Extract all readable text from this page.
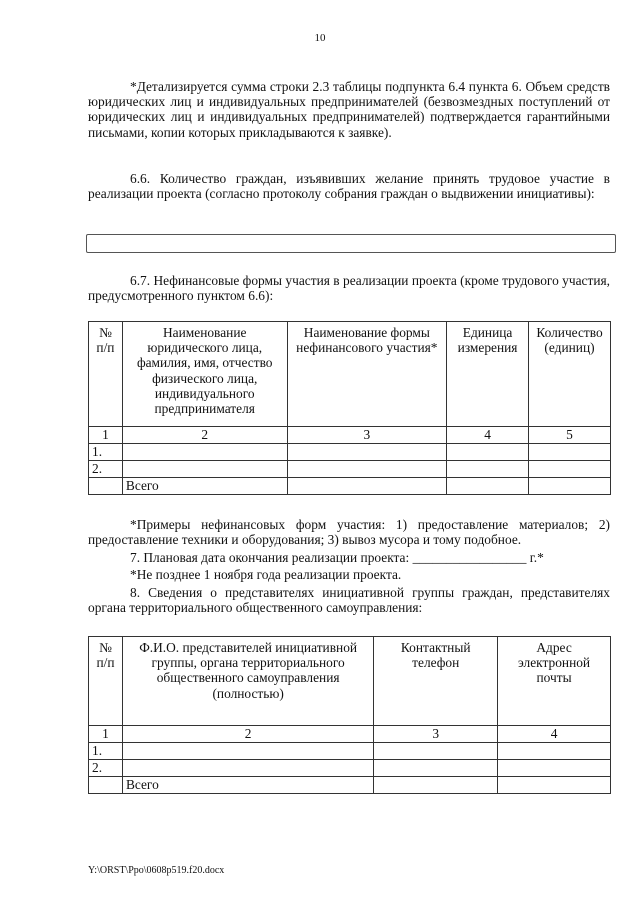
10

*Детализируется сумма строки 2.3 таблицы подпункта 6.4 пункта 6. Объем средств юридических лиц и индивидуальных предпринимателей (безвозмездных поступлений от юридических лиц и индивидуальных предпринимателей) подтверждается гарантийными письмами, копии которых прикладываются к заявке).

6.6. Количество граждан, изъявивших желание принять трудовое участие в реализации проекта (согласно протоколу собрания граждан о выдвижении инициативы):

6.7. Нефинансовые формы участия в реализации проекта (кроме трудового участия, предусмотренного пунктом 6.6):

№ п/п	Наименование юридического лица, фамилия, имя, отчество физического лица, индивидуального предпринимателя	Наименование формы нефинансового участия*	Единица измерения	Количество (единиц)
1	2	3	4	5
1.				
2.				
	Всего			

*Примеры нефинансовых форм участия: 1) предоставление материалов; 2) предоставление техники и оборудования; 3) вывоз мусора и тому подобное.

7. Плановая дата окончания реализации проекта: _________________ г.*

*Не позднее 1 ноября года реализации проекта.

8. Сведения о представителях инициативной группы граждан, представителях органа территориального общественного самоуправления:

№ п/п	Ф.И.О. представителей инициативной группы, органа территориального общественного самоуправления (полностью)	Контактный телефон	Адрес электронной почты
1	2	3	4
1.			
2.			
	Всего		
Y:\ORST\Ppo\0608p519.f20.docx
